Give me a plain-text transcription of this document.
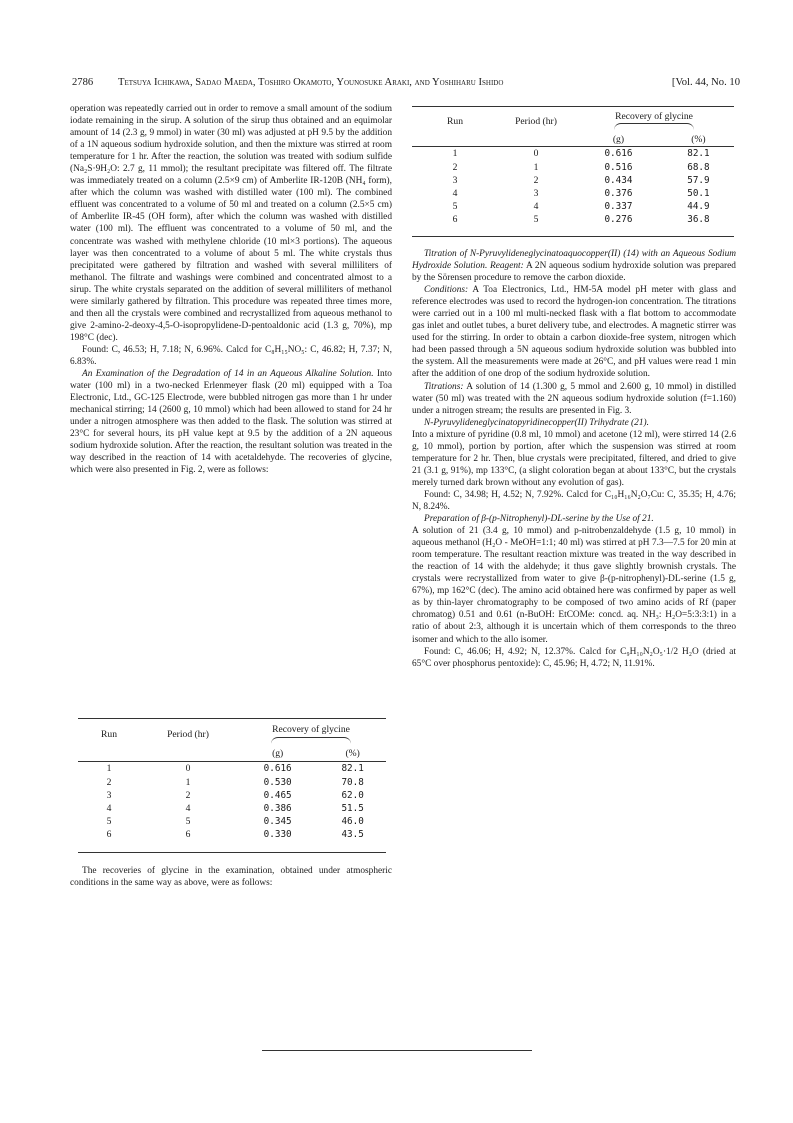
2786 Tetsuya Ichikawa, Sadao Maeda, Toshiro Okamoto, Younosuke Araki, and Yoshiharu Ishido	[Vol. 44, No. 10

operation was repeatedly carried out in order to remove a small amount of the sodium iodate remaining in the sirup. A solution of the sirup thus obtained and an equimolar amount of 14 (2.3 g, 9 mmol) in water (30 ml) was adjusted at pH 9.5 by the addition of a 1N aqueous sodium hydroxide solution, and then the mixture was stirred at room temperature for 1 hr. After the reaction, the solution was treated with sodium sulfide (Na₂S·9H₂O: 2.7 g, 11 mmol); the resultant precipitate was filtered off. The filtrate was immediately treated on a column (2.5×9 cm) of Amberlite IR-120B (NH₄ form), after which the column was washed with distilled water (100 ml). The combined effluent was concentrated to a volume of 50 ml and treated on a column (2.5×5 cm) of Amberlite IR-45 (OH form), after which the column was washed with distilled water (100 ml). The effluent was concentrated to a volume of 50 ml, and the concentrate was washed with methylene chloride (10 ml×3 portions). The aqueous layer was then concentrated to a volume of about 5 ml. The white crystals thus precipitated were gathered by filtration and washed with several milliliters of methanol. The filtrate and washings were combined and concentrated almost to a sirup. The white crystals separated on the addition of several milliliters of methanol were similarly gathered by filtration. This procedure was repeated three times more, and then all the crystals were combined and recrystallized from aqueous methanol to give 2-amino-2-deoxy-4,5-O-isopropylidene-D-pentoaldonic acid (1.3 g, 70%), mp 198°C (dec).

Found: C, 46.53; H, 7.18; N, 6.96%. Calcd for C₈H₁₅NO₅: C, 46.82; H, 7.37; N, 6.83%.

An Examination of the Degradation of 14 in an Aqueous Alkaline Solution. Into water (100 ml) in a two-necked Erlenmeyer flask (20 ml) equipped with a Toa Electronic, Ltd., GC-125 Electrode, were bubbled nitrogen gas more than 1 hr under mechanical stirring; 14 (2600 g, 10 mmol) which had been allowed to stand for 24 hr under a nitrogen atmosphere was then added to the flask. The solution was stirred at 23°C for several hours, its pH value kept at 9.5 by the addition of a 2N aqueous sodium hydroxide solution. After the reaction, the resultant solution was treated in the way described in the reaction of 14 with acetaldehyde. The recoveries of glycine, which were also presented in Fig. 2, were as follows:

Run	Period (hr)	Recovery of glycine	

		(g)	(%)
1	0	0.616	82.1
2	1	0.530	70.8
3	2	0.465	62.0
4	4	0.386	51.5
5	5	0.345	46.0
6	6	0.330	43.5

The recoveries of glycine in the examination, obtained under atmospheric conditions in the same way as above, were as follows:

Run	Period (hr)	Recovery of glycine	

		(g)	(%)
1	0	0.616	82.1
2	1	0.516	68.8
3	2	0.434	57.9
4	3	0.376	50.1
5	4	0.337	44.9
6	5	0.276	36.8

Titration of N-Pyruvylideneglycinatoaquocopper(II) (14) with an Aqueous Sodium Hydroxide Solution. Reagent: A 2N aqueous sodium hydroxide solution was prepared by the Sörensen procedure to remove the carbon dioxide.

Conditions: A Toa Electronics, Ltd., HM-5A model pH meter with glass and reference electrodes was used to record the hydrogen-ion concentration. The titrations were carried out in a 100 ml multi-necked flask with a flat bottom to accommodate gas inlet and outlet tubes, a buret delivery tube, and electrodes. A magnetic stirrer was used for the stirring. In order to obtain a carbon dioxide-free system, nitrogen which had been passed through a 5N aqueous sodium hydroxide solution was bubbled into the system. All the measurements were made at 26°C, and pH values were read 1 min after the addition of one drop of the sodium hydroxide solution.

Titrations: A solution of 14 (1.300 g, 5 mmol and 2.600 g, 10 mmol) in distilled water (50 ml) was treated with the 2N aqueous sodium hydroxide solution (f=1.160) under a nitrogen stream; the results are presented in Fig. 3.

N-Pyruvylideneglycinatopyridinecopper(II) Trihydrate (21).

Into a mixture of pyridine (0.8 ml, 10 mmol) and acetone (12 ml), were stirred 14 (2.6 g, 10 mmol), portion by portion, after which the suspension was stirred at room temperature for 2 hr. Then, blue crystals were precipitated, filtered, and dried to give 21 (3.1 g, 91%), mp 133°C, (a slight coloration began at about 133°C, but the crystals merely turned dark brown without any evolution of gas).

Found: C, 34.98; H, 4.52; N, 7.92%. Calcd for C₁₀H₁₆N₂O₇Cu: C, 35.35; H, 4.76; N, 8.24%.

Preparation of β-(p-Nitrophenyl)-DL-serine by the Use of 21.

A solution of 21 (3.4 g, 10 mmol) and p-nitrobenzaldehyde (1.5 g, 10 mmol) in aqueous methanol (H₂O - MeOH=1:1; 40 ml) was stirred at pH 7.3—7.5 for 20 min at room temperature. The resultant reaction mixture was treated in the way described in the reaction of 14 with the aldehyde; it thus gave slightly brownish crystals. The crystals were recrystallized from water to give β-(p-nitrophenyl)-DL-serine (1.5 g, 67%), mp 162°C (dec). The amino acid obtained here was confirmed by paper as well as by thin-layer chromatography to be composed of two amino acids of Rf (paper chromatog) 0.51 and 0.61 (n-BuOH: EtCOMe: concd. aq. NH₃: H₂O=5:3:3:1) in a ratio of about 2:3, although it is uncertain which of them corresponds to the threo isomer and which to the allo isomer.

Found: C, 46.06; H, 4.92; N, 12.37%. Calcd for C₉H₁₀N₂O₅·1/2 H₂O (dried at 65°C over phosphorus pentoxide): C, 45.96; H, 4.72; N, 11.91%.
